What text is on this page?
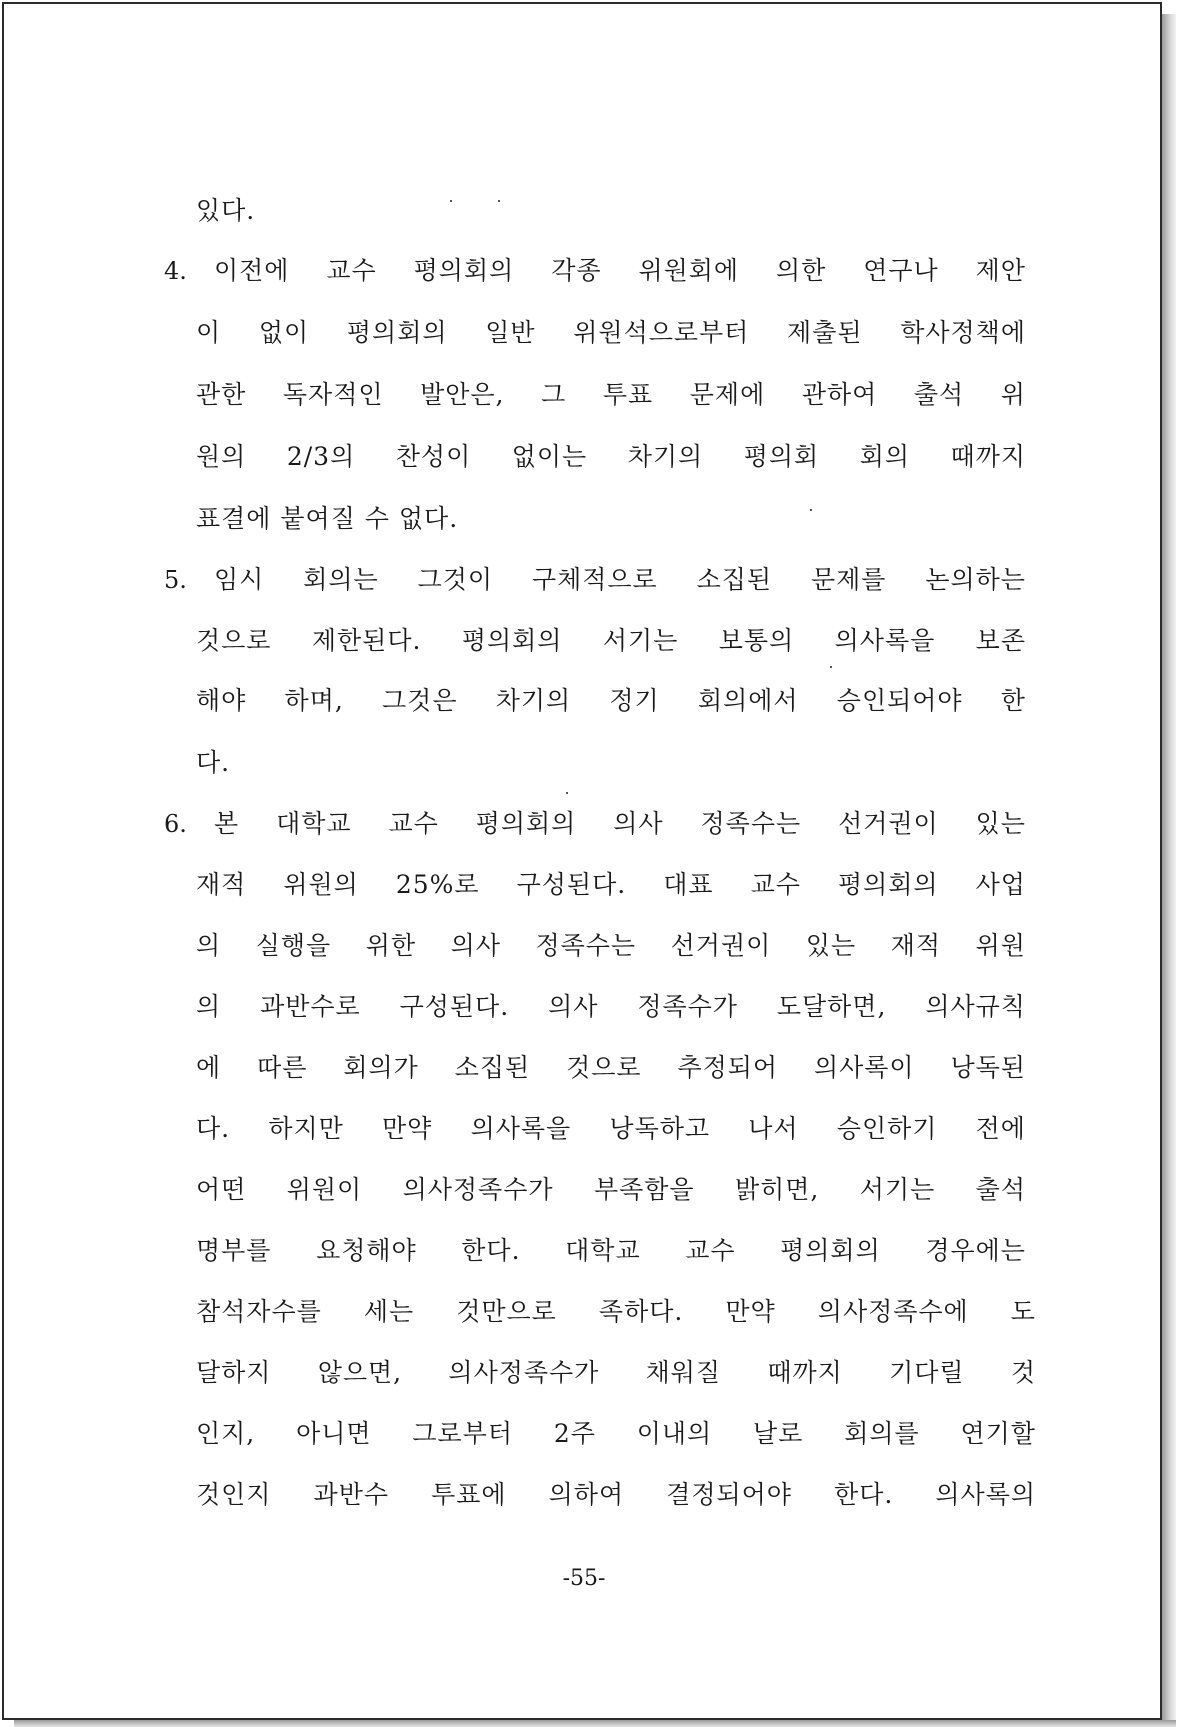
있다.
4. 이전에 교수 평의회의 각종 위원회에 의한 연구나 제안
이 없이 평의회의 일반 위원석으로부터 제출된 학사정책에
관한 독자적인 발안은, 그 투표 문제에 관하여 출석 위
원의 2/3의 찬성이 없이는 차기의 평의회 회의 때까지
표결에 붙여질 수 없다.
5. 임시 회의는 그것이 구체적으로 소집된 문제를 논의하는
것으로 제한된다. 평의회의 서기는 보통의 의사록을 보존
해야 하며, 그것은 차기의 정기 회의에서 승인되어야 한
다.
6. 본 대학교 교수 평의회의 의사 정족수는 선거권이 있는
재적 위원의 25%로 구성된다. 대표 교수 평의회의 사업
의 실행을 위한 의사 정족수는 선거권이 있는 재적 위원
의 과반수로 구성된다. 의사 정족수가 도달하면, 의사규칙
에 따른 회의가 소집된 것으로 추정되어 의사록이 낭독된
다. 하지만 만약 의사록을 낭독하고 나서 승인하기 전에
어떤 위원이 의사정족수가 부족함을 밝히면, 서기는 출석
명부를 요청해야 한다. 대학교 교수 평의회의 경우에는
참석자수를 세는 것만으로 족하다. 만약 의사정족수에 도
달하지 않으면, 의사정족수가 채워질 때까지 기다릴 것
인지, 아니면 그로부터 2주 이내의 날로 회의를 연기할
것인지 과반수 투표에 의하여 결정되어야 한다. 의사록의
-55-
